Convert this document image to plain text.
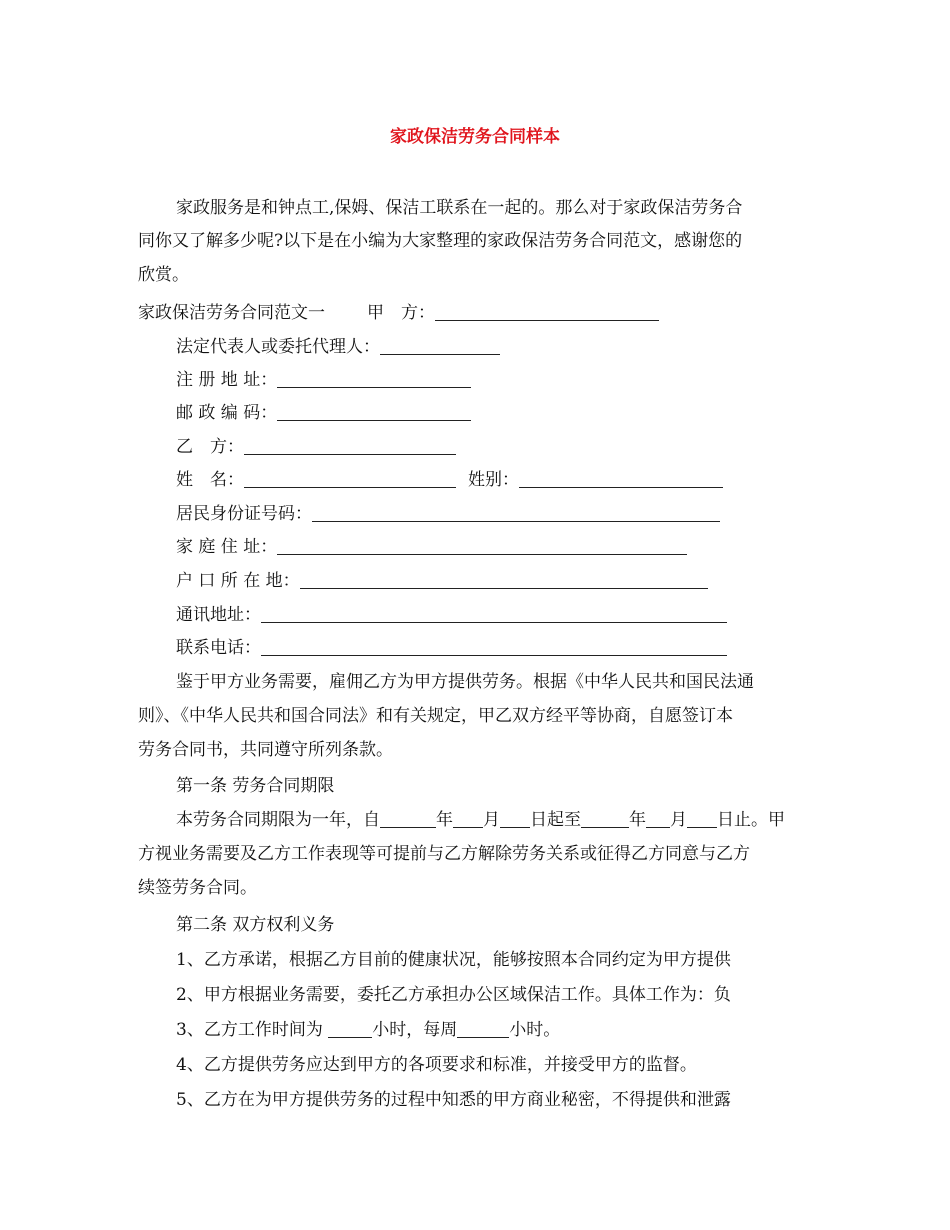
家政保洁劳务合同样本
家政服务是和钟点工,保姆、保洁工联系在一起的。那么对于家政保洁劳务合
同你又了解多少呢?以下是在小编为大家整理的家政保洁劳务合同范文，感谢您的
欣赏。
家政保洁劳务合同范文一 甲　方：
法定代表人或委托代理人：
注 册 地 址：
邮 政 编 码：
乙　方：
姓　名：	姓别：
居民身份证号码：
家 庭 住 址：
户 口 所 在 地：
通讯地址：
联系电话：
鉴于甲方业务需要，雇佣乙方为甲方提供劳务。根据《中华人民共和国民法通
则》、《中华人民共和国合同法》和有关规定，甲乙双方经平等协商，自愿签订本
劳务合同书，共同遵守所列条款。
第一条 劳务合同期限
本劳务合同期限为一年，自	年 月 日起至	年 月 日止。甲
方视业务需要及乙方工作表现等可提前与乙方解除劳务关系或征得乙方同意与乙方
续签劳务合同。
第二条 双方权利义务
1、乙方承诺，根据乙方目前的健康状况，能够按照本合同约定为甲方提供
2、甲方根据业务需要，委托乙方承担办公区域保洁工作。具体工作为：负
3、乙方工作时间为	小时，每周	小时。
4、乙方提供劳务应达到甲方的各项要求和标准，并接受甲方的监督。
5、乙方在为甲方提供劳务的过程中知悉的甲方商业秘密，不得提供和泄露
